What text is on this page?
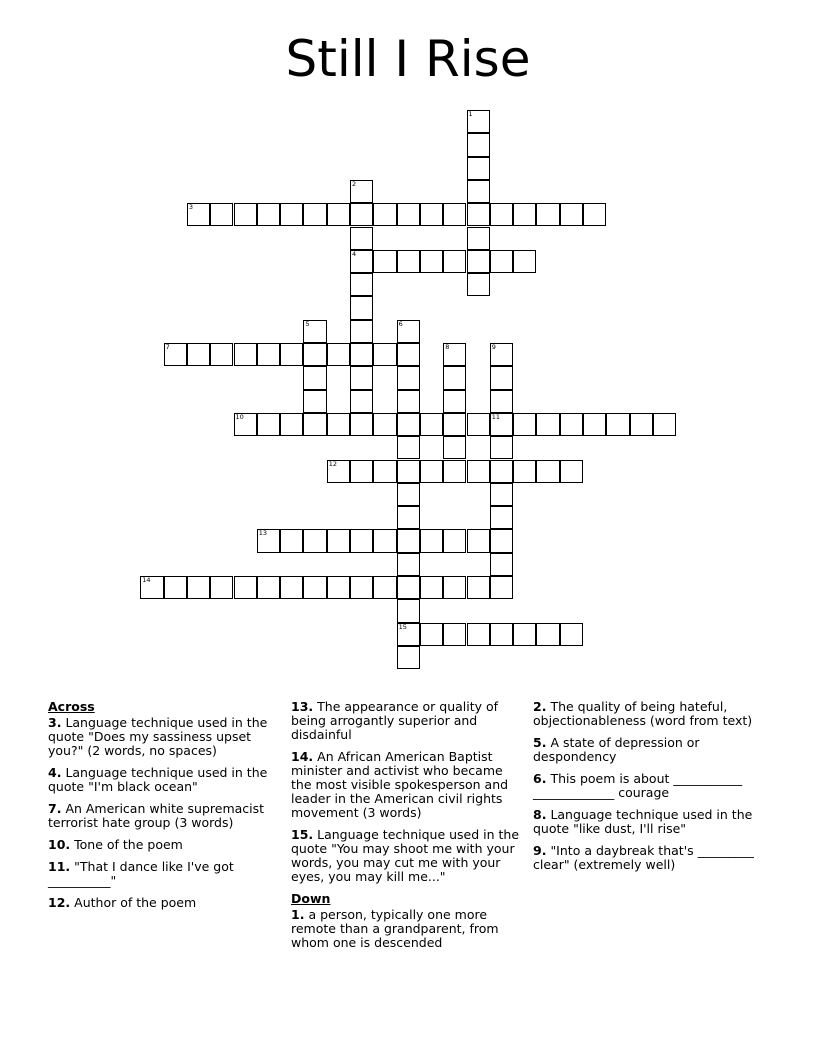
Still I Rise
1
2
4
3
5	6
15
7	8	9
11
10
12
13
14
Across
3. Language technique used in the quote "Does my sassiness upset you?" (2 words, no spaces)
4. Language technique used in the quote "I'm black ocean"
7. An American white supremacist terrorist hate group (3 words)
10. Tone of the poem
11. "That I dance like I've got __________"
12. Author of the poem
13. The appearance or quality of being arrogantly superior and disdainful
14. An African American Baptist minister and activist who became the most visible spokesperson and leader in the American civil rights movement (3 words)
15. Language technique used in the quote "You may shoot me with your words, you may cut me with your eyes, you may kill me..."
Down
1. a person, typically one more remote than a grandparent, from whom one is descended
2. The quality of being hateful, objectionableness (word from text)
5. A state of depression or despondency
6. This poem is about ___________ _____________ courage
8. Language technique used in the quote "like dust, I'll rise"
9. "Into a daybreak that's _________ clear" (extremely well)
